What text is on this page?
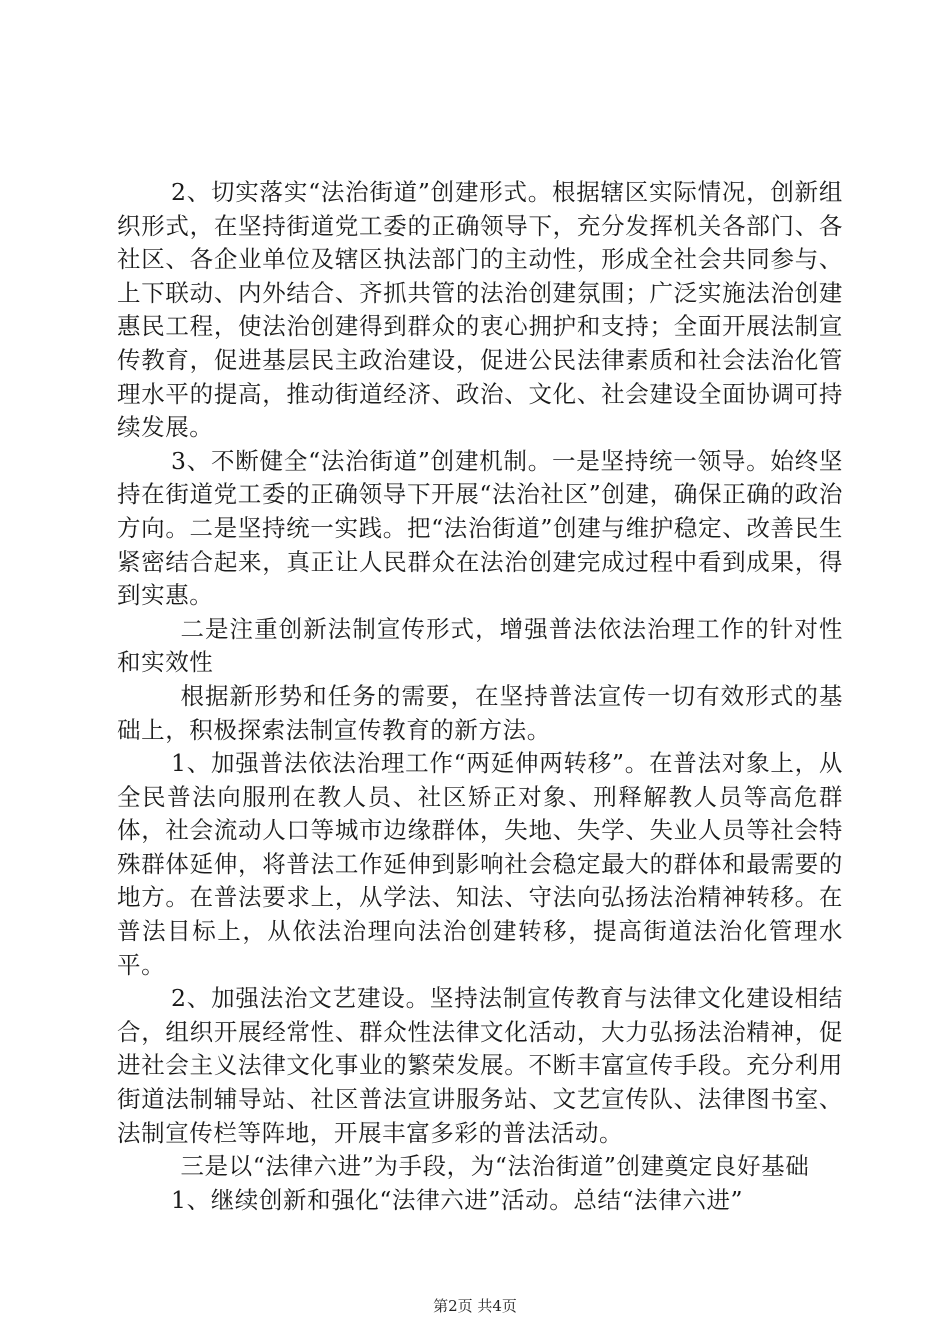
2、切实落实“法治街道”创建形式。根据辖区实际情况，创新组织形式，在坚持街道党工委的正确领导下，充分发挥机关各部门、各社区、各企业单位及辖区执法部门的主动性，形成全社会共同参与、上下联动、内外结合、齐抓共管的法治创建氛围；广泛实施法治创建惠民工程，使法治创建得到群众的衷心拥护和支持；全面开展法制宣传教育，促进基层民主政治建设，促进公民法律素质和社会法治化管理水平的提高，推动街道经济、政治、文化、社会建设全面协调可持续发展。

3、不断健全“法治街道”创建机制。一是坚持统一领导。始终坚持在街道党工委的正确领导下开展“法治社区”创建，确保正确的政治方向。二是坚持统一实践。把“法治街道”创建与维护稳定、改善民生紧密结合起来，真正让人民群众在法治创建完成过程中看到成果，得到实惠。

二是注重创新法制宣传形式，增强普法依法治理工作的针对性和实效性

根据新形势和任务的需要，在坚持普法宣传一切有效形式的基础上，积极探索法制宣传教育的新方法。

1、加强普法依法治理工作“两延伸两转移”。在普法对象上，从全民普法向服刑在教人员、社区矫正对象、刑释解教人员等高危群体，社会流动人口等城市边缘群体，失地、失学、失业人员等社会特殊群体延伸，将普法工作延伸到影响社会稳定最大的群体和最需要的地方。在普法要求上，从学法、知法、守法向弘扬法治精神转移。在普法目标上，从依法治理向法治创建转移，提高街道法治化管理水平。

2、加强法治文艺建设。坚持法制宣传教育与法律文化建设相结合，组织开展经常性、群众性法律文化活动，大力弘扬法治精神，促进社会主义法律文化事业的繁荣发展。不断丰富宣传手段。充分利用街道法制辅导站、社区普法宣讲服务站、文艺宣传队、法律图书室、法制宣传栏等阵地，开展丰富多彩的普法活动。

三是以“法律六进”为手段，为“法治街道”创建奠定良好基础

1、继续创新和强化“法律六进”活动。总结“法律六进”

第2页 共4页
